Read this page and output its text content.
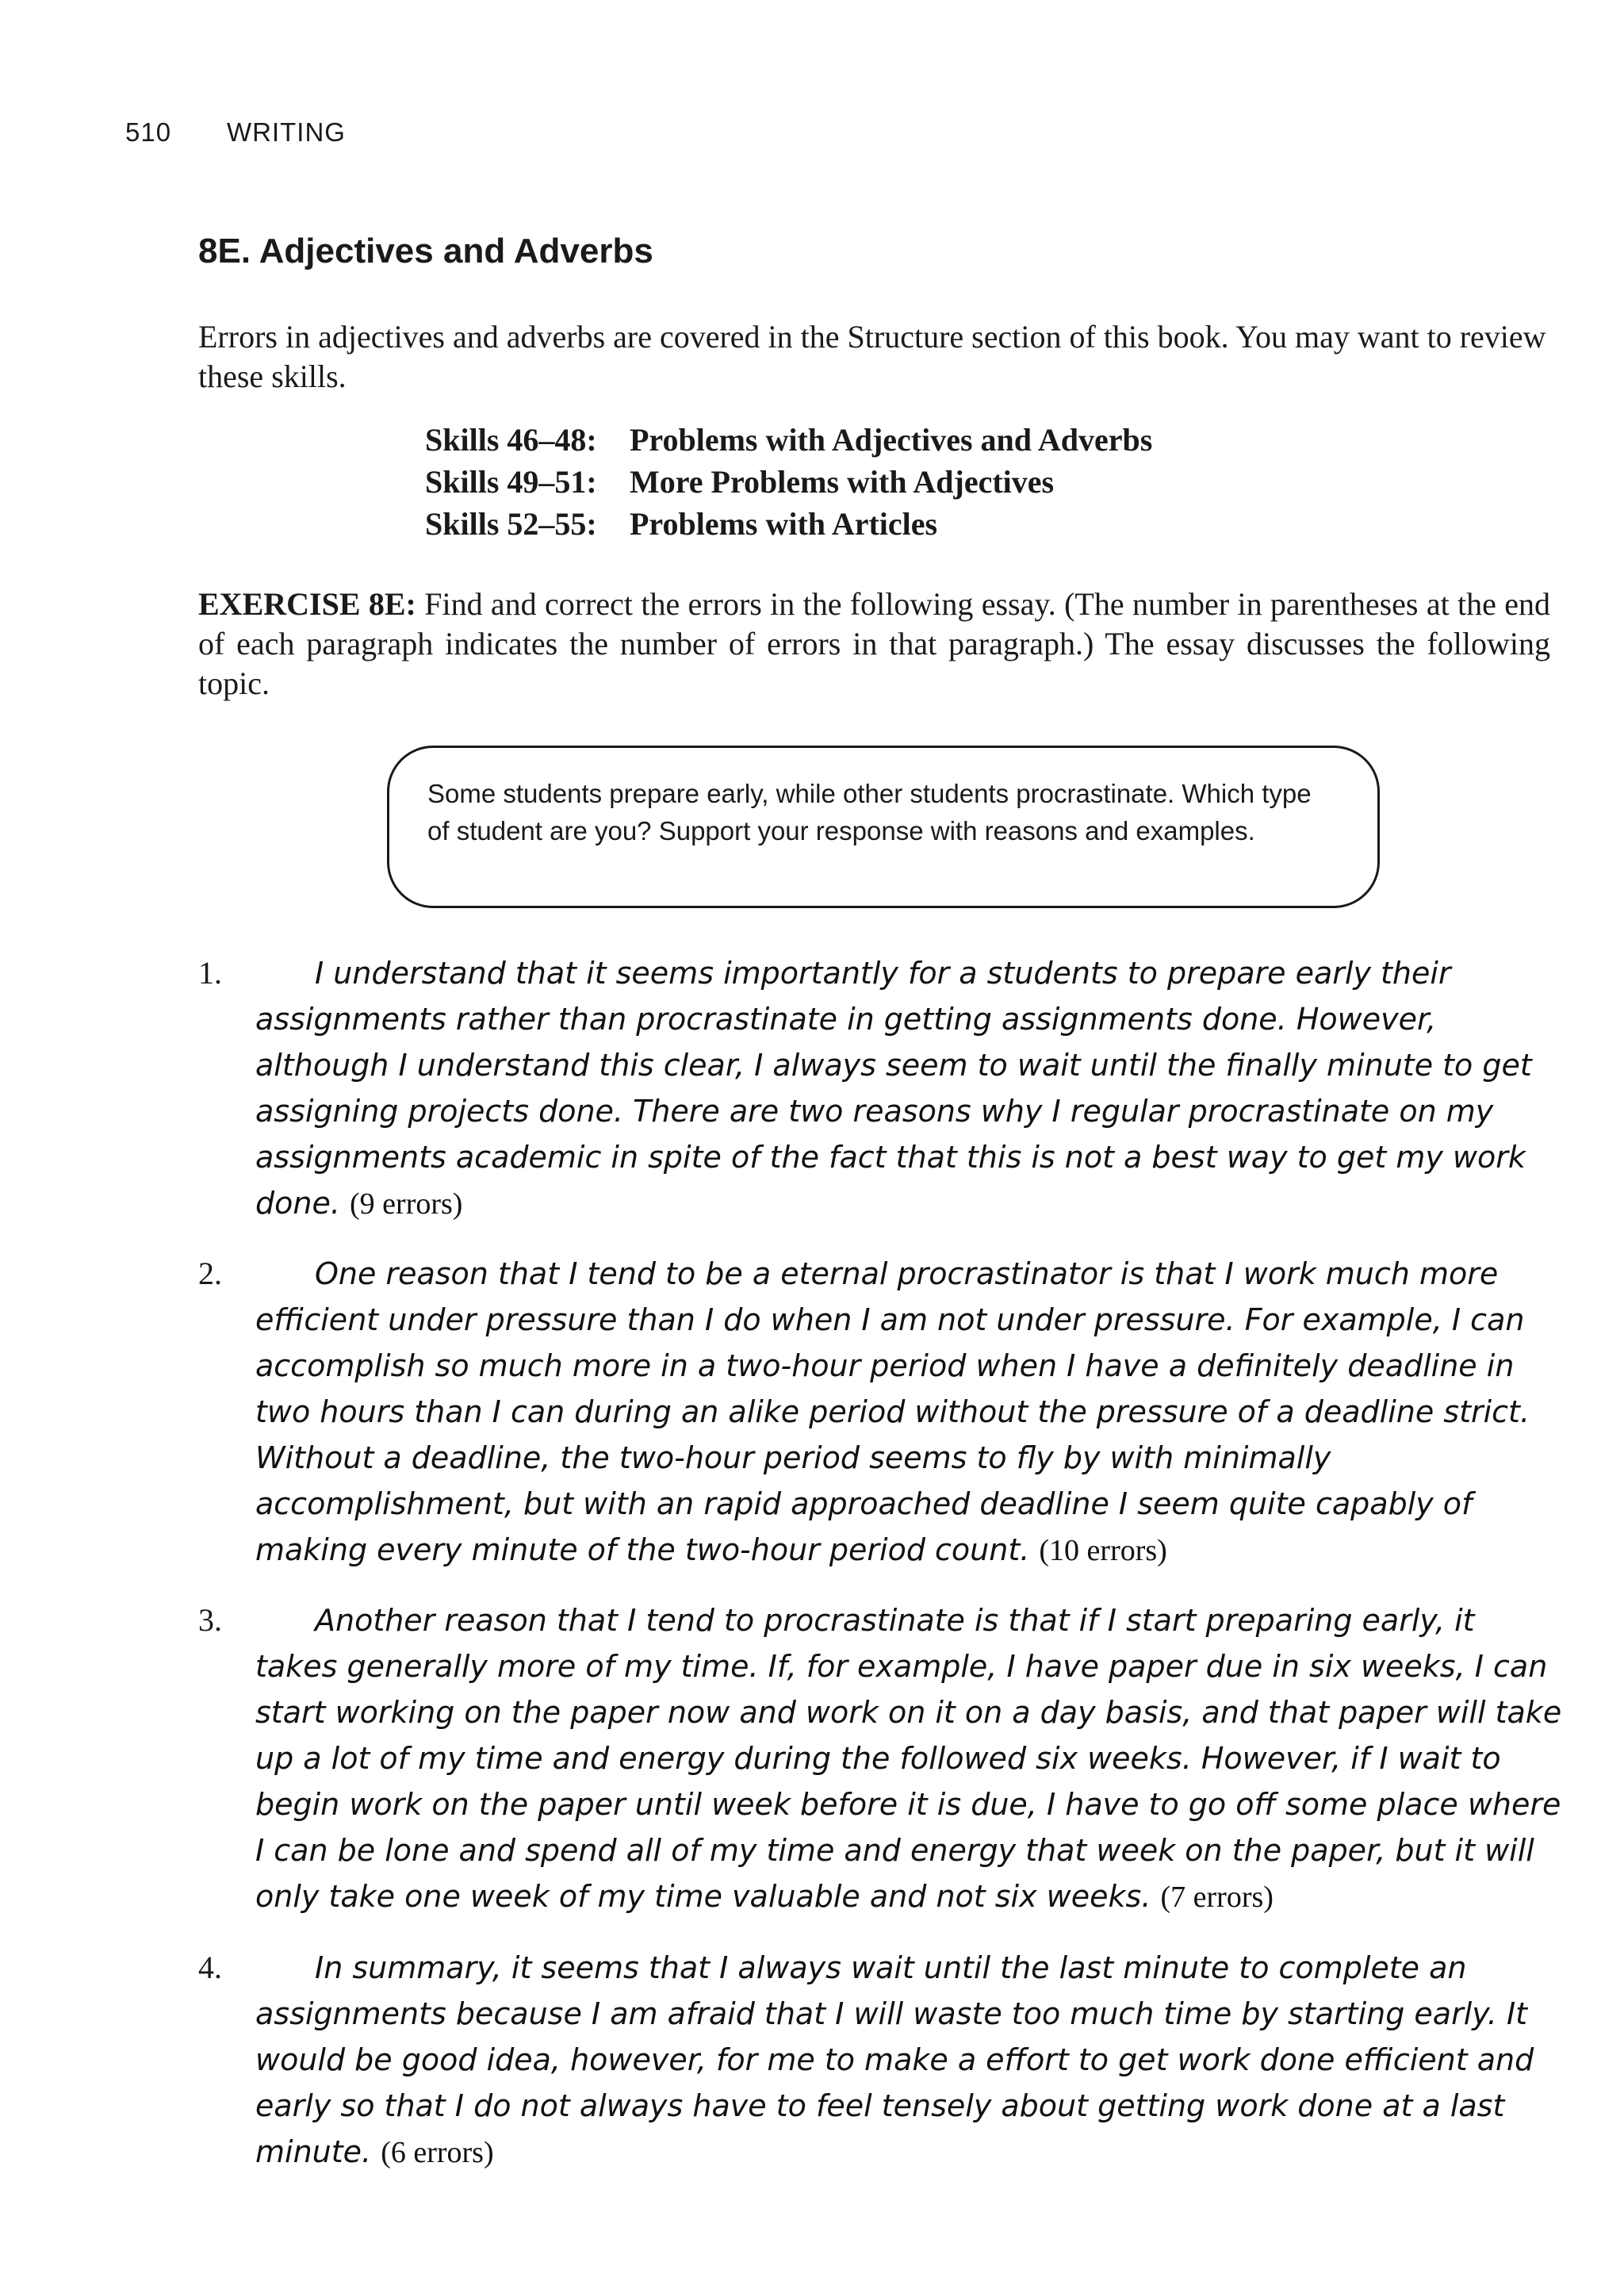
510 WRITING
8E. Adjectives and Adverbs

Errors in adjectives and adverbs are covered in the Structure section of this book. You may want to review these skills.

Skills 46–48: Problems with Adjectives and Adverbs
Skills 49–51: More Problems with Adjectives
Skills 52–55: Problems with Articles

EXERCISE 8E: Find and correct the errors in the following essay. (The number in parentheses at the end of each paragraph indicates the number of errors in that paragraph.) The essay discusses the following topic.

Some students prepare early, while other students procrastinate. Which type of student are you? Support your response with reasons and examples.

1.	I understand that it seems importantly for a students to prepare early their assignments rather than procrastinate in getting assignments done. However, although I understand this clear, I always seem to wait until the finally minute to get assigning projects done. There are two reasons why I regular procrastinate on my assignments academic in spite of the fact that this is not a best way to get my work done. (9 errors)

2.	One reason that I tend to be a eternal procrastinator is that I work much more efficient under pressure than I do when I am not under pressure. For example, I can accomplish so much more in a two-hour period when I have a definitely deadline in two hours than I can during an alike period without the pressure of a deadline strict. Without a deadline, the two-hour period seems to fly by with minimally accomplishment, but with an rapid approached deadline I seem quite capably of making every minute of the two-hour period count. (10 errors)

3.	Another reason that I tend to procrastinate is that if I start preparing early, it takes generally more of my time. If, for example, I have paper due in six weeks, I can start working on the paper now and work on it on a day basis, and that paper will take up a lot of my time and energy during the followed six weeks. However, if I wait to begin work on the paper until week before it is due, I have to go off some place where I can be lone and spend all of my time and energy that week on the paper, but it will only take one week of my time valuable and not six weeks. (7 errors)

4.	In summary, it seems that I always wait until the last minute to complete an assignments because I am afraid that I will waste too much time by starting early. It would be good idea, however, for me to make a effort to get work done efficient and early so that I do not always have to feel tensely about getting work done at a last minute. (6 errors)
